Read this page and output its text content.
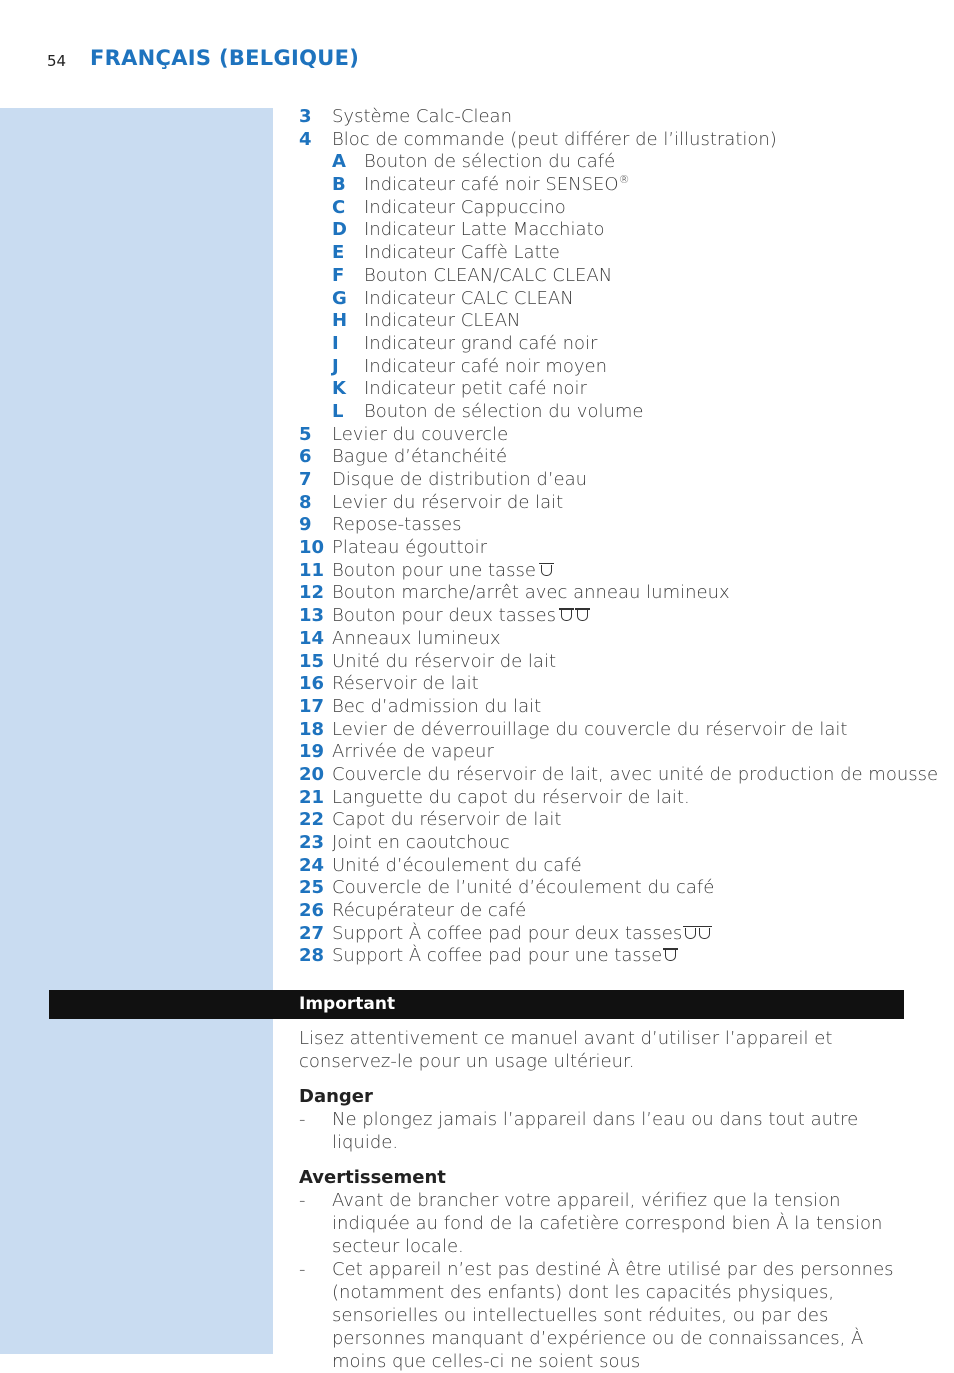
54 FRANÇAIS (BELGIQUE)
3 Système Calc-Clean
4 Bloc de commande (peut différer de l’illustration)
A Bouton de sélection du café
B Indicateur café noir SENSEO®
C Indicateur Cappuccino
D Indicateur Latte Macchiato
E Indicateur Caffè Latte
F Bouton CLEAN/CALC CLEAN
G Indicateur CALC CLEAN
H Indicateur CLEAN
I Indicateur grand café noir
J Indicateur café noir moyen
K Indicateur petit café noir
L Bouton de sélection du volume
5 Levier du couvercle
6 Bague d’étanchéité
7 Disque de distribution d’eau
8 Levier du réservoir de lait
9 Repose-tasses
10 Plateau égouttoir
11 Bouton pour une tasse
12 Bouton marche/arrêt avec anneau lumineux
13 Bouton pour deux tasses
14 Anneaux lumineux
15 Unité du réservoir de lait
16 Réservoir de lait
17 Bec d’admission du lait
18 Levier de déverrouillage du couvercle du réservoir de lait
19 Arrivée de vapeur
20 Couvercle du réservoir de lait, avec unité de production de mousse
21 Languette du capot du réservoir de lait.
22 Capot du réservoir de lait
23 Joint en caoutchouc
24 Unité d’écoulement du café
25 Couvercle de l’unité d’écoulement du café
26 Récupérateur de café
27 Support À coffee pad pour deux tasses
28 Support À coffee pad pour une tasse
Important

Lisez attentivement ce manuel avant d’utiliser l’appareil et conservez-le pour un usage ultérieur.

Danger
- Ne plongez jamais l’appareil dans l’eau ou dans tout autre liquide.
Avertissement
- Avant de brancher votre appareil, vérifiez que la tension indiquée au fond de la cafetière correspond bien À la tension secteur locale.
- Cet appareil n’est pas destiné À être utilisé par des personnes (notamment des enfants) dont les capacités physiques, sensorielles ou intellectuelles sont réduites, ou par des personnes manquant d’expérience ou de connaissances, À moins que celles-ci ne soient sous
